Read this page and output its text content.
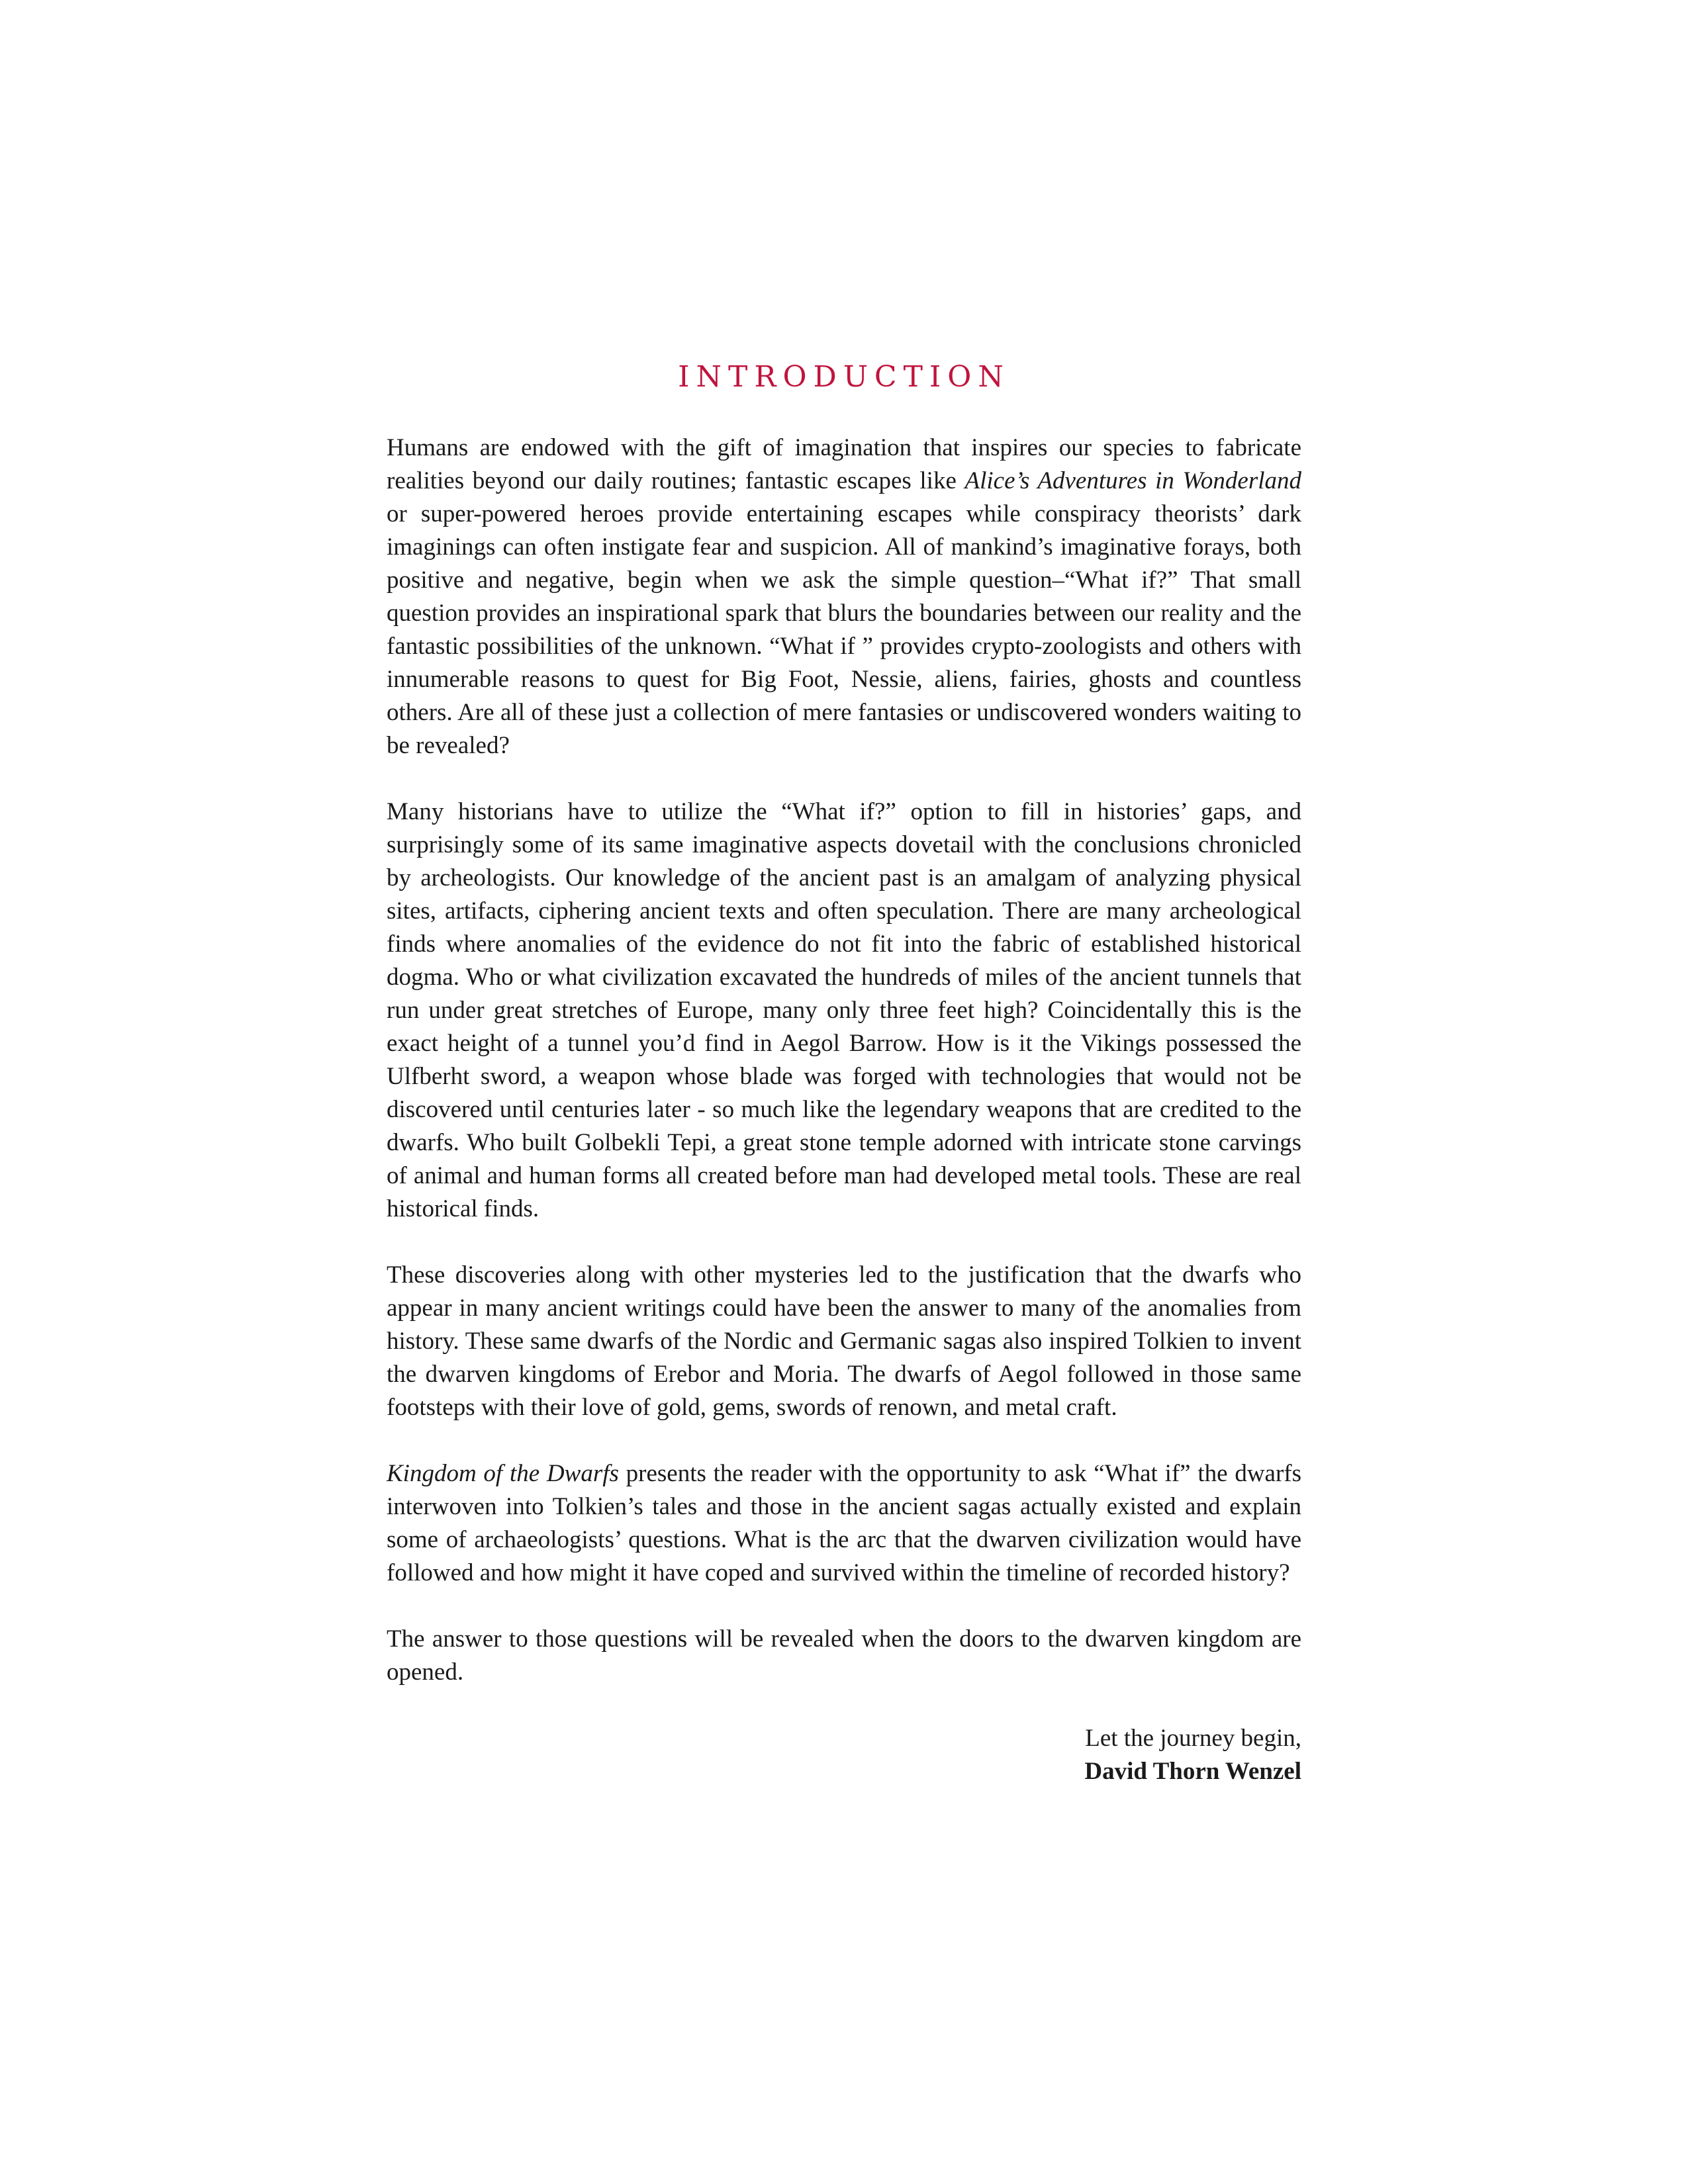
INTRODUCTION

Humans are endowed with the gift of imagination that inspires our species to fabricate realities beyond our daily routines; fantastic escapes like Alice’s Adventures in Wonderland or super-powered heroes provide entertaining escapes while conspiracy theorists’ dark imaginings can often instigate fear and suspicion. All of mankind’s imaginative forays, both positive and negative, begin when we ask the simple question–“What if?” That small question provides an inspirational spark that blurs the boundaries between our reality and the fantastic possibilities of the unknown. “What if ” provides crypto-zoologists and others with innumerable reasons to quest for Big Foot, Nessie, aliens, fairies, ghosts and countless others. Are all of these just a collection of mere fantasies or undiscovered wonders waiting to be revealed?

Many historians have to utilize the “What if?” option to fill in histories’ gaps, and surprisingly some of its same imaginative aspects dovetail with the conclusions chronicled by archeologists. Our knowledge of the ancient past is an amalgam of analyzing physical sites, artifacts, ciphering ancient texts and often speculation. There are many archeological finds where anomalies of the evidence do not fit into the fabric of established historical dogma. Who or what civilization excavated the hundreds of miles of the ancient tunnels that run under great stretches of Europe, many only three feet high? Coincidentally this is the exact height of a tunnel you’d find in Aegol Barrow. How is it the Vikings possessed the Ulfberht sword, a weapon whose blade was forged with technologies that would not be discovered until centuries later - so much like the legendary weapons that are credited to the dwarfs. Who built Golbekli Tepi, a great stone temple adorned with intricate stone carvings of animal and human forms all created before man had developed metal tools. These are real historical finds.

These discoveries along with other mysteries led to the justification that the dwarfs who appear in many ancient writings could have been the answer to many of the anomalies from history. These same dwarfs of the Nordic and Germanic sagas also inspired Tolkien to invent the dwarven kingdoms of Erebor and Moria. The dwarfs of Aegol followed in those same footsteps with their love of gold, gems, swords of renown, and metal craft.

Kingdom of the Dwarfs presents the reader with the opportunity to ask “What if” the dwarfs interwoven into Tolkien’s tales and those in the ancient sagas actually existed and explain some of archaeologists’ questions. What is the arc that the dwarven civilization would have followed and how might it have coped and survived within the timeline of recorded history?

The answer to those questions will be revealed when the doors to the dwarven kingdom are opened.

Let the journey begin,
David Thorn Wenzel
